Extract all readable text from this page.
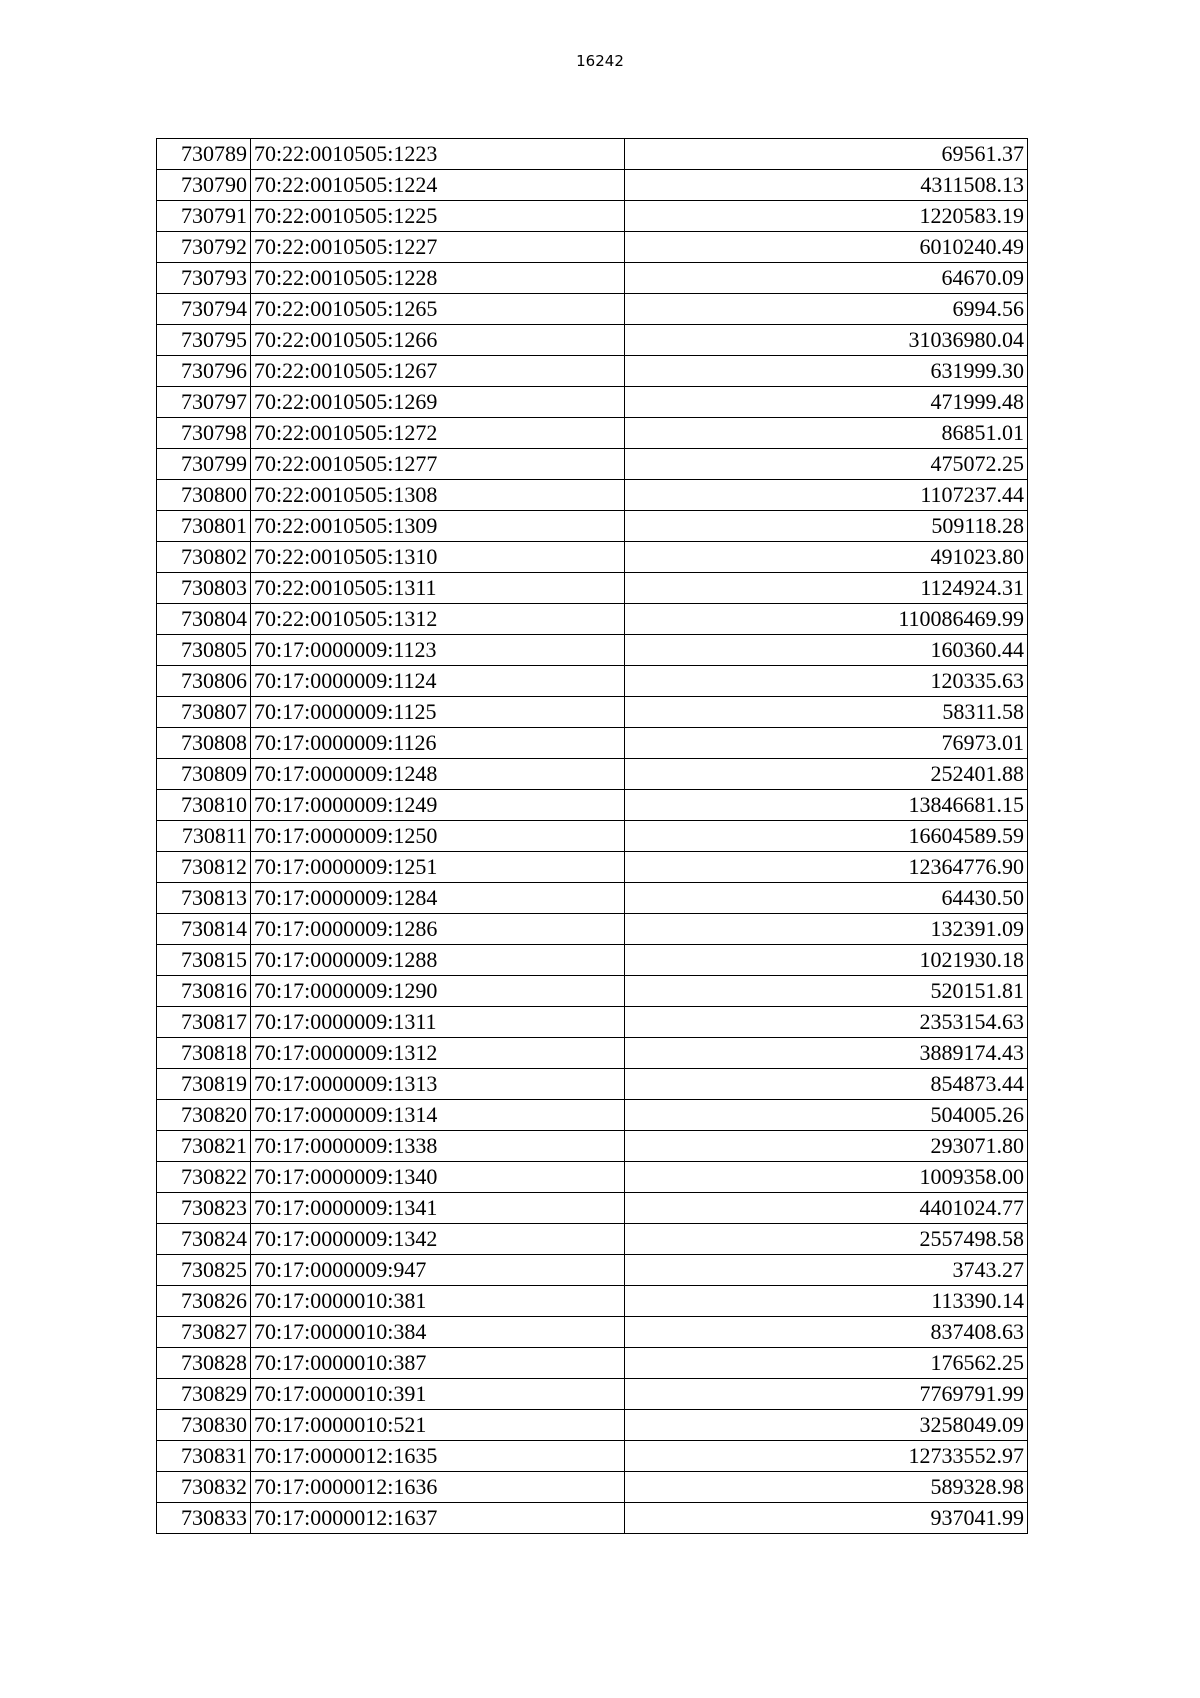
16242
730789	70:22:0010505:1223	69561.37
730790	70:22:0010505:1224	4311508.13
730791	70:22:0010505:1225	1220583.19
730792	70:22:0010505:1227	6010240.49
730793	70:22:0010505:1228	64670.09
730794	70:22:0010505:1265	6994.56
730795	70:22:0010505:1266	31036980.04
730796	70:22:0010505:1267	631999.30
730797	70:22:0010505:1269	471999.48
730798	70:22:0010505:1272	86851.01
730799	70:22:0010505:1277	475072.25
730800	70:22:0010505:1308	1107237.44
730801	70:22:0010505:1309	509118.28
730802	70:22:0010505:1310	491023.80
730803	70:22:0010505:1311	1124924.31
730804	70:22:0010505:1312	110086469.99
730805	70:17:0000009:1123	160360.44
730806	70:17:0000009:1124	120335.63
730807	70:17:0000009:1125	58311.58
730808	70:17:0000009:1126	76973.01
730809	70:17:0000009:1248	252401.88
730810	70:17:0000009:1249	13846681.15
730811	70:17:0000009:1250	16604589.59
730812	70:17:0000009:1251	12364776.90
730813	70:17:0000009:1284	64430.50
730814	70:17:0000009:1286	132391.09
730815	70:17:0000009:1288	1021930.18
730816	70:17:0000009:1290	520151.81
730817	70:17:0000009:1311	2353154.63
730818	70:17:0000009:1312	3889174.43
730819	70:17:0000009:1313	854873.44
730820	70:17:0000009:1314	504005.26
730821	70:17:0000009:1338	293071.80
730822	70:17:0000009:1340	1009358.00
730823	70:17:0000009:1341	4401024.77
730824	70:17:0000009:1342	2557498.58
730825	70:17:0000009:947	3743.27
730826	70:17:0000010:381	113390.14
730827	70:17:0000010:384	837408.63
730828	70:17:0000010:387	176562.25
730829	70:17:0000010:391	7769791.99
730830	70:17:0000010:521	3258049.09
730831	70:17:0000012:1635	12733552.97
730832	70:17:0000012:1636	589328.98
730833	70:17:0000012:1637	937041.99
